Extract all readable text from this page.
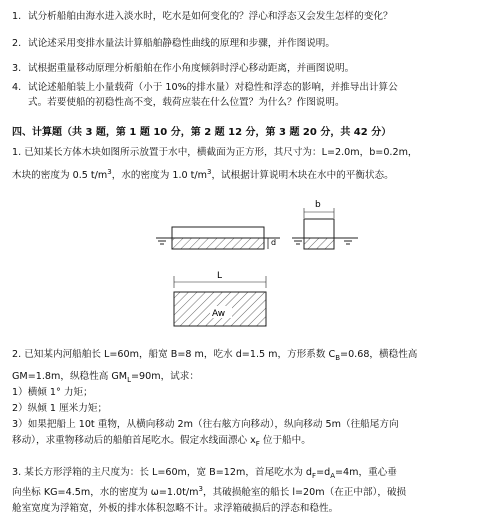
1. 试分析船舶由海水进入淡水时，吃水是如何变化的？浮心和浮态又会发生怎样的变化？
2. 试论述采用变排水量法计算船舶静稳性曲线的原理和步骤，并作图说明。
3. 试根据重量移动原理分析船舶在作小角度倾斜时浮心移动距离，并画图说明。
4. 试论述船舶装上小量载荷（小于 10%的排水量）对稳性和浮态的影响，并推导出计算公
式。若要使船的初稳性高不变，载荷应装在什么位置？为什么？作图说明。
四、计算题（共 3 题，第 1 题 10 分，第 2 题 12 分，第 3 题 20 分，共 42 分）
1. 已知某长方体木块如图所示放置于水中，横截面为正方形，其尺寸为：L=2.0m，b=0.2m，
木块的密度为 0.5 $t/m^3$，水的密度为 1.0 $t/m^3$，试根据计算说明木块在水中的平衡状态。
d
b
L
Aw
2. 已知某内河船舶长 L=60m，船宽 B=8 m，吃水 d=1.5 m，方形系数 $C_B=0.68$，横稳性高
GM=1.8m，纵稳性高 $GM_L=90m$，试求：
1）横倾 1° 力矩；
2）纵倾 1 厘米力矩；
3）如果把船上 10t 重物，从横向移动 2m（往右舷方向移动），纵向移动 5m（往船尾方向
移动），求重物移动后的船舶首尾吃水。假定水线面漂心 $x_F$ 位于船中。
3. 某长方形浮箱的主尺度为：长 L=60m，宽 B=12m，首尾吃水为 $d_F=d_A=4m$，重心垂
向坐标 KG=4.5m，水的密度为 $\omega=1.0t/m^3$，其破损舱室的船长 l=20m（在正中部），破损
舱室宽度为浮箱宽，外板的排水体积忽略不计。求浮箱破损后的浮态和稳性。
